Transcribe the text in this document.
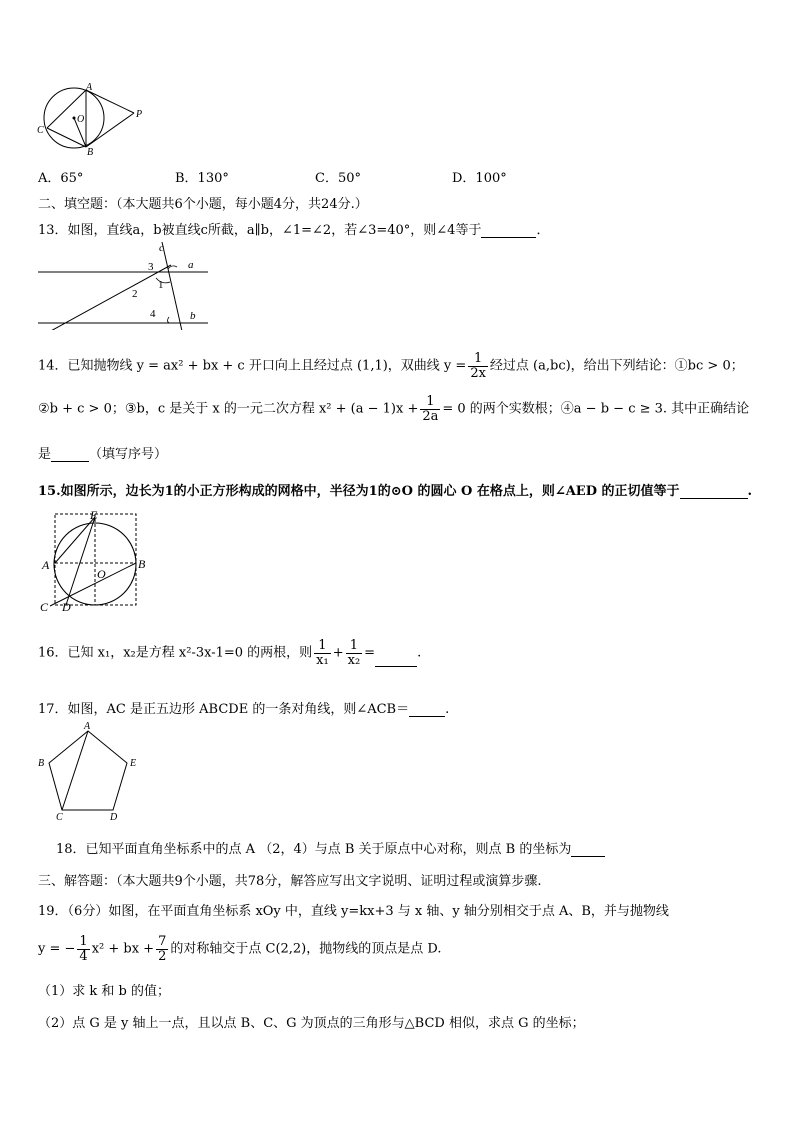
A
O	P
C
B
A．65°	B．130°	C．50°	D．100°
二、填空题：（本大题共6个小题，每小题4分，共24分.）
13．如图，直线a，b被直线c所截，a∥b，∠1=∠2，若∠3=40°，则∠4等于	．
c
a
b
3
1
2
4
14．已知抛物线 y = ax² + bx + c 开口向上且经过点 (1,1)，双曲线 $y = \frac{1}{2x}$ 经过点 (a,bc)，给出下列结论：①bc > 0；
②b + c > 0；③b，c 是关于 x 的一元二次方程 $x^2 + (a - 1)x + \frac{1}{2a} = 0$ 的两个实数根；④a − b − c ≥ 3. 其中正确结论
是	（填写序号）
15.如图所示，边长为1的小正方形构成的网格中，半径为1的⊙O 的圆心 O 在格点上，则∠AED 的正切值等于	.
E
A	B
O
C D
16．已知 x₁，x₂是方程 x²-3x-1=0 的两根，则 $\frac{1}{\text{x₁}} + \frac{1}{\text{x₂}}$ =	.
17．如图，AC 是正五边形 ABCDE 的一条对角线，则∠ACB＝	.
A
B	E
C	D
18．已知平面直角坐标系中的点 A （2，4）与点 B 关于原点中心对称，则点 B 的坐标为
三、解答题：（本大题共9个小题，共78分，解答应写出文字说明、证明过程或演算步骤.
19．（6分）如图，在平面直角坐标系 xOy 中，直线 y=kx+3 与 x 轴、y 轴分别相交于点 A、B，并与抛物线
y = − $\frac{1}{4} x^2$ + bx + $\frac{7}{2}$ 的对称轴交于点 C(2,2)，抛物线的顶点是点 D.
（1）求 k 和 b 的值；
（2）点 G 是 y 轴上一点，且以点 B、C、G 为顶点的三角形与△BCD 相似，求点 G 的坐标；
